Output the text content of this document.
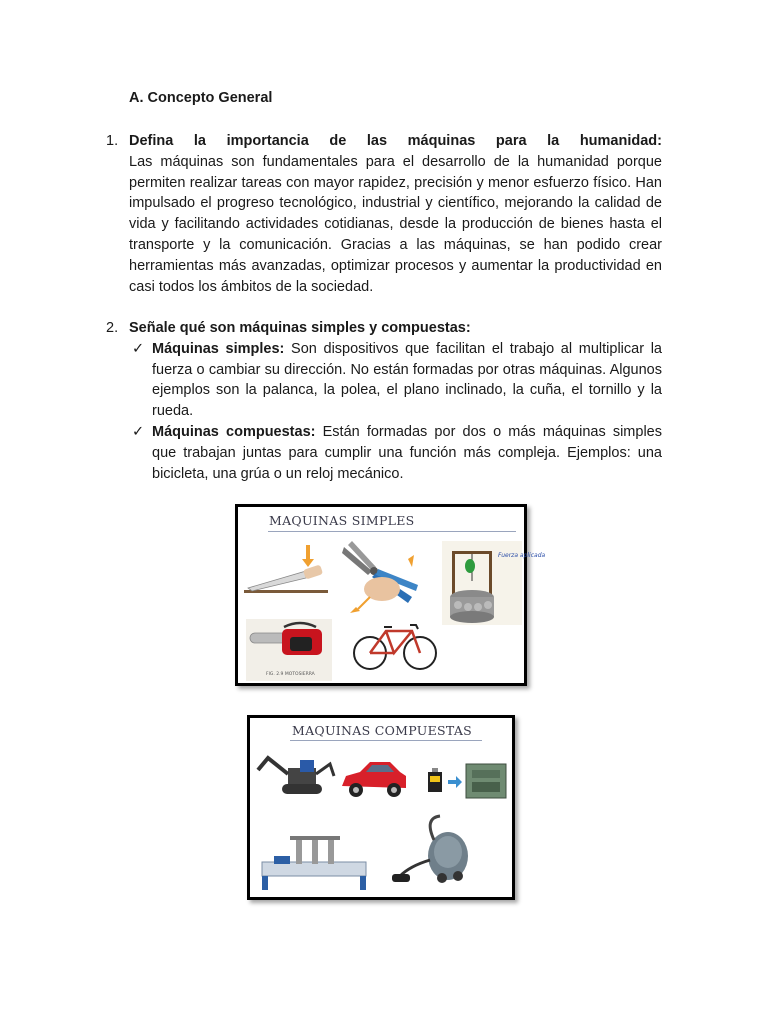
A. Concepto General
1. Defina la importancia de las máquinas para la humanidad:
Las máquinas son fundamentales para el desarrollo de la humanidad porque permiten realizar tareas con mayor rapidez, precisión y menor esfuerzo físico. Han impulsado el progreso tecnológico, industrial y científico, mejorando la calidad de vida y facilitando actividades cotidianas, desde la producción de bienes hasta el transporte y la comunicación. Gracias a las máquinas, se han podido crear herramientas más avanzadas, optimizar procesos y aumentar la productividad en casi todos los ámbitos de la sociedad.
2. Señale qué son máquinas simples y compuestas:
✓ Máquinas simples: Son dispositivos que facilitan el trabajo al multiplicar la fuerza o cambiar su dirección. No están formadas por otras máquinas. Algunos ejemplos son la palanca, la polea, el plano inclinado, la cuña, el tornillo y la rueda.
✓ Máquinas compuestas: Están formadas por dos o más máquinas simples que trabajan juntas para cumplir una función más compleja. Ejemplos: una bicicleta, una grúa o un reloj mecánico.
MAQUINAS SIMPLES
Fuerza aplicada
FIG. 2.9 MOTOSIERRA
MAQUINAS COMPUESTAS
